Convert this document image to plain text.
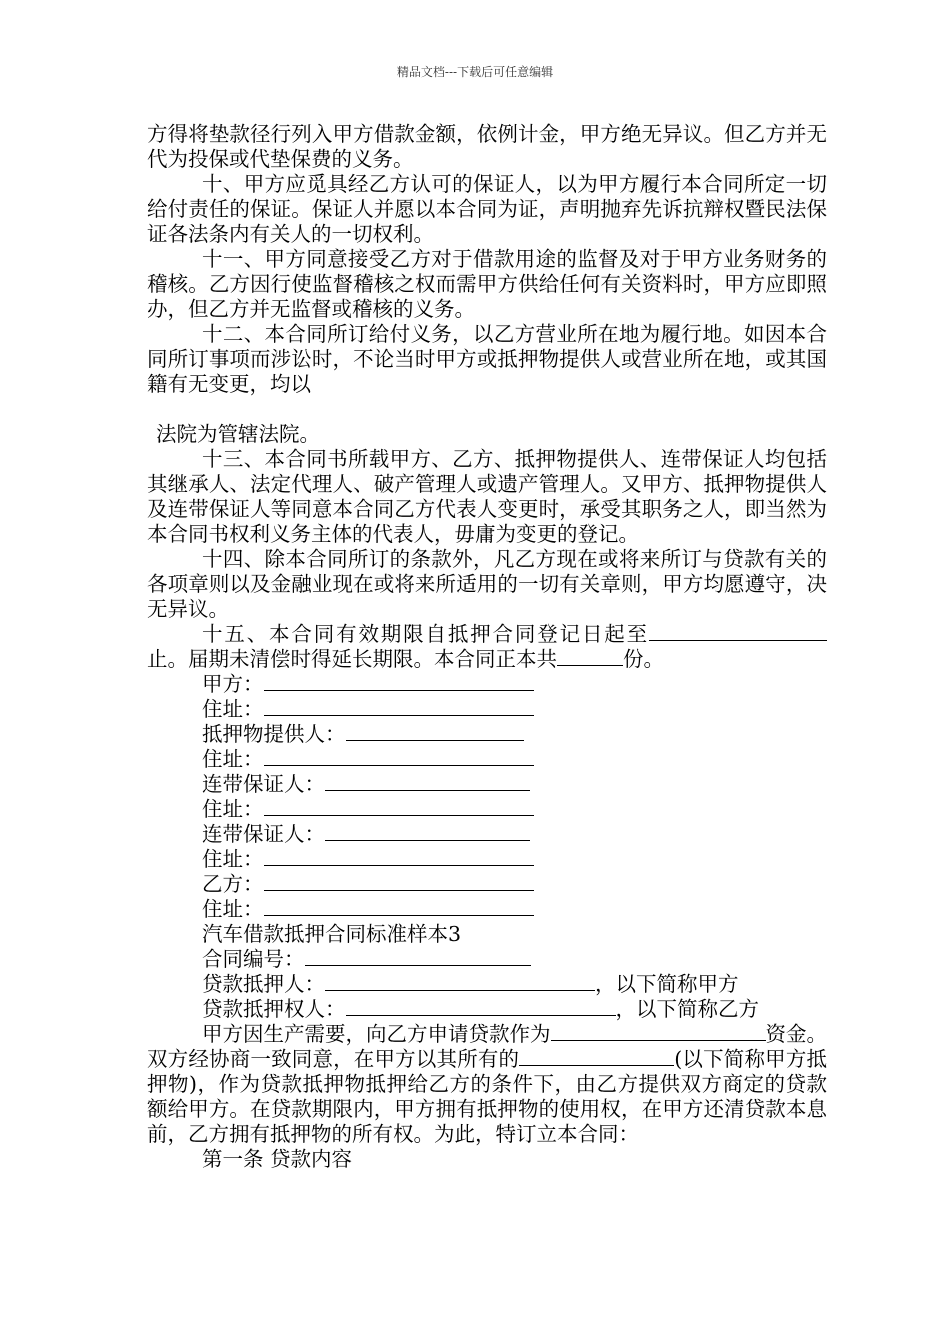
精品文档---下载后可任意编辑

方得将垫款径行列入甲方借款金额，依例计金，甲方绝无异议。但乙方并无代为投保或代垫保费的义务。

十、甲方应觅具经乙方认可的保证人，以为甲方履行本合同所定一切给付责任的保证。保证人并愿以本合同为证，声明抛弃先诉抗辩权暨民法保证各法条内有关人的一切权利。

十一、甲方同意接受乙方对于借款用途的监督及对于甲方业务财务的稽核。乙方因行使监督稽核之权而需甲方供给任何有关资料时，甲方应即照办，但乙方并无监督或稽核的义务。

十二、本合同所订给付义务，以乙方营业所在地为履行地。如因本合同所订事项而涉讼时，不论当时甲方或抵押物提供人或营业所在地，或其国籍有无变更，均以

法院为管辖法院。

十三、本合同书所载甲方、乙方、抵押物提供人、连带保证人均包括其继承人、法定代理人、破产管理人或遗产管理人。又甲方、抵押物提供人及连带保证人等同意本合同乙方代表人变更时，承受其职务之人，即当然为本合同书权利义务主体的代表人，毋庸为变更的登记。

十四、除本合同所订的条款外，凡乙方现在或将来所订与贷款有关的各项章则以及金融业现在或将来所适用的一切有关章则，甲方均愿遵守，决无异议。

十五、本合同有效期限自抵押合同登记日起至止。届期未清偿时得延长期限。本合同正本共	份。

甲方：

住址：

抵押物提供人：

住址：

连带保证人：

住址：

连带保证人：

住址：

乙方：

住址：

汽车借款抵押合同标准样本3

合同编号：

贷款抵押人：	，以下简称甲方

贷款抵押权人：	，以下简称乙方

甲方因生产需要，向乙方申请贷款作为	资金。双方经协商一致同意，在甲方以其所有的	(以下简称甲方抵押物)，作为贷款抵押物抵押给乙方的条件下，由乙方提供双方商定的贷款额给甲方。在贷款期限内，甲方拥有抵押物的使用权，在甲方还清贷款本息前，乙方拥有抵押物的所有权。为此，特订立本合同：

第一条 贷款内容
